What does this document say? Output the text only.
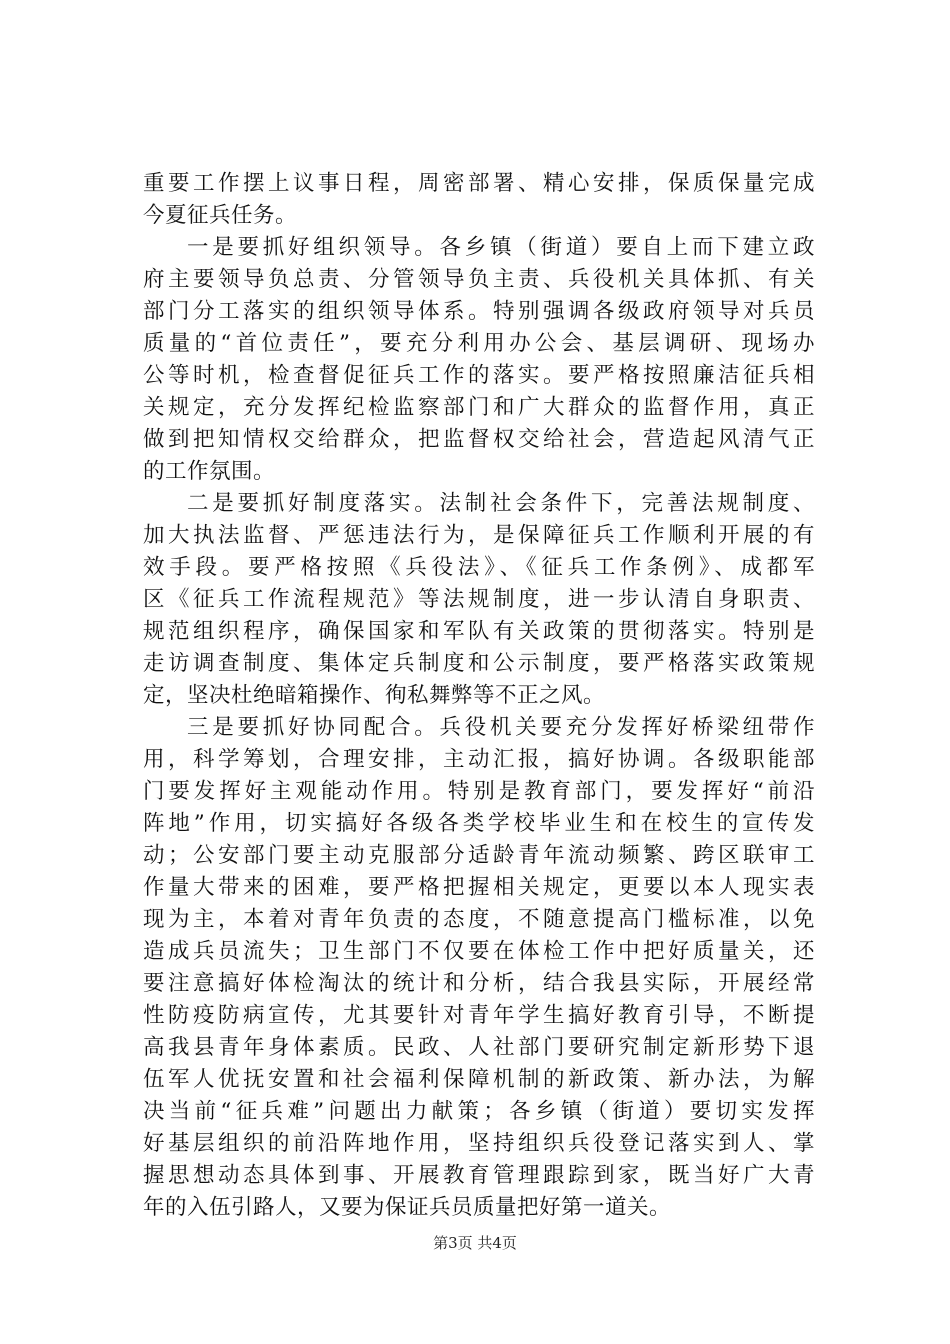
重要工作摆上议事日程，周密部署、精心安排，保质保量完成
今夏征兵任务。
一是要抓好组织领导。各乡镇（街道）要自上而下建立政
府主要领导负总责、分管领导负主责、兵役机关具体抓、有关
部门分工落实的组织领导体系。特别强调各级政府领导对兵员
质量的“首位责任”，要充分利用办公会、基层调研、现场办
公等时机，检查督促征兵工作的落实。要严格按照廉洁征兵相
关规定，充分发挥纪检监察部门和广大群众的监督作用，真正
做到把知情权交给群众，把监督权交给社会，营造起风清气正
的工作氛围。
二是要抓好制度落实。法制社会条件下，完善法规制度、
加大执法监督、严惩违法行为，是保障征兵工作顺利开展的有
效手段。要严格按照《兵役法》、《征兵工作条例》、成都军
区《征兵工作流程规范》等法规制度，进一步认清自身职责、
规范组织程序，确保国家和军队有关政策的贯彻落实。特别是
走访调查制度、集体定兵制度和公示制度，要严格落实政策规
定，坚决杜绝暗箱操作、徇私舞弊等不正之风。
三是要抓好协同配合。兵役机关要充分发挥好桥梁纽带作
用，科学筹划，合理安排，主动汇报，搞好协调。各级职能部
门要发挥好主观能动作用。特别是教育部门，要发挥好“前沿
阵地”作用，切实搞好各级各类学校毕业生和在校生的宣传发
动；公安部门要主动克服部分适龄青年流动频繁、跨区联审工
作量大带来的困难，要严格把握相关规定，更要以本人现实表
现为主，本着对青年负责的态度，不随意提高门槛标准，以免
造成兵员流失；卫生部门不仅要在体检工作中把好质量关，还
要注意搞好体检淘汰的统计和分析，结合我县实际，开展经常
性防疫防病宣传，尤其要针对青年学生搞好教育引导，不断提
高我县青年身体素质。民政、人社部门要研究制定新形势下退
伍军人优抚安置和社会福利保障机制的新政策、新办法，为解
决当前“征兵难”问题出力献策；各乡镇（街道）要切实发挥
好基层组织的前沿阵地作用，坚持组织兵役登记落实到人、掌
握思想动态具体到事、开展教育管理跟踪到家，既当好广大青
年的入伍引路人，又要为保证兵员质量把好第一道关。
第3页 共4页
